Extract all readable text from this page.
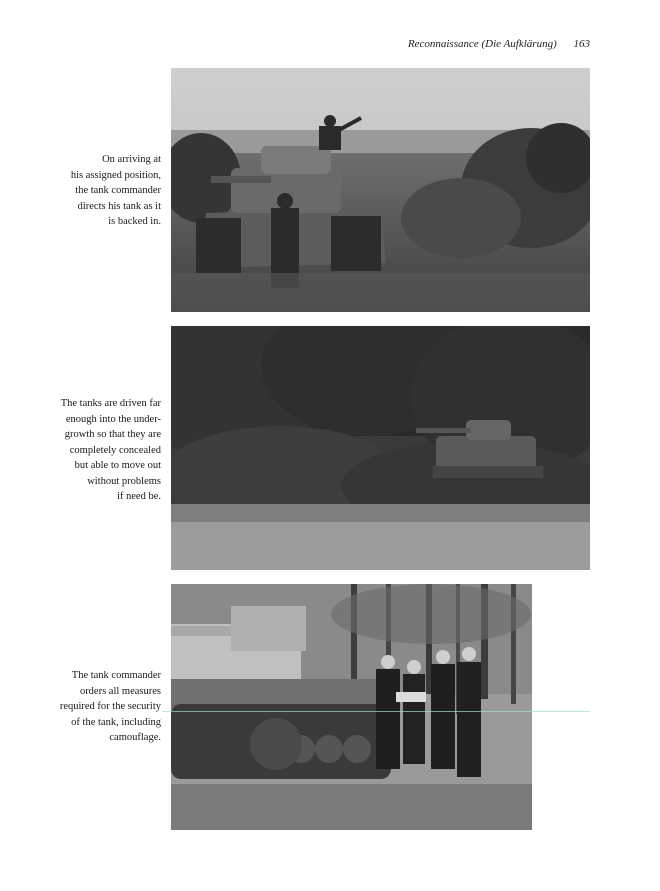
Reconnaissance (Die Aufklärung) 163
On arriving at
his assigned position,
the tank commander
directs his tank as it
is backed in.
The tanks are driven far
enough into the under-
growth so that they are
completely concealed
but able to move out
without problems
if need be.
The tank commander
orders all measures
required for the security
of the tank, including
camouflage.
